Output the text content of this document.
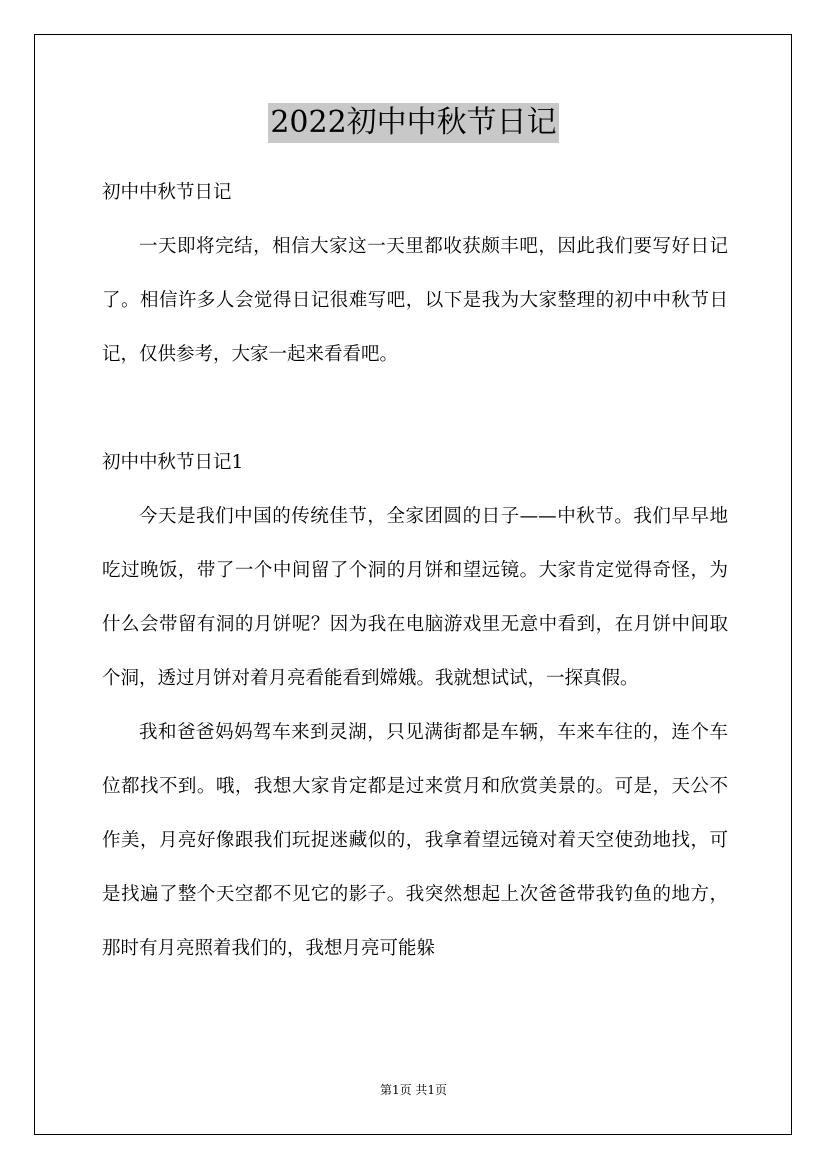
2022初中中秋节日记

初中中秋节日记

一天即将完结，相信大家这一天里都收获颇丰吧，因此我们要写好日记了。相信许多人会觉得日记很难写吧，以下是我为大家整理的初中中秋节日记，仅供参考，大家一起来看看吧。

初中中秋节日记1

今天是我们中国的传统佳节，全家团圆的日子——中秋节。我们早早地吃过晚饭，带了一个中间留了个洞的月饼和望远镜。大家肯定觉得奇怪，为什么会带留有洞的月饼呢？因为我在电脑游戏里无意中看到，在月饼中间取个洞，透过月饼对着月亮看能看到嫦娥。我就想试试，一探真假。

我和爸爸妈妈驾车来到灵湖，只见满街都是车辆，车来车往的，连个车位都找不到。哦，我想大家肯定都是过来赏月和欣赏美景的。可是，天公不作美，月亮好像跟我们玩捉迷藏似的，我拿着望远镜对着天空使劲地找，可是找遍了整个天空都不见它的影子。我突然想起上次爸爸带我钓鱼的地方，那时有月亮照着我们的，我想月亮可能躲

第1页 共1页
